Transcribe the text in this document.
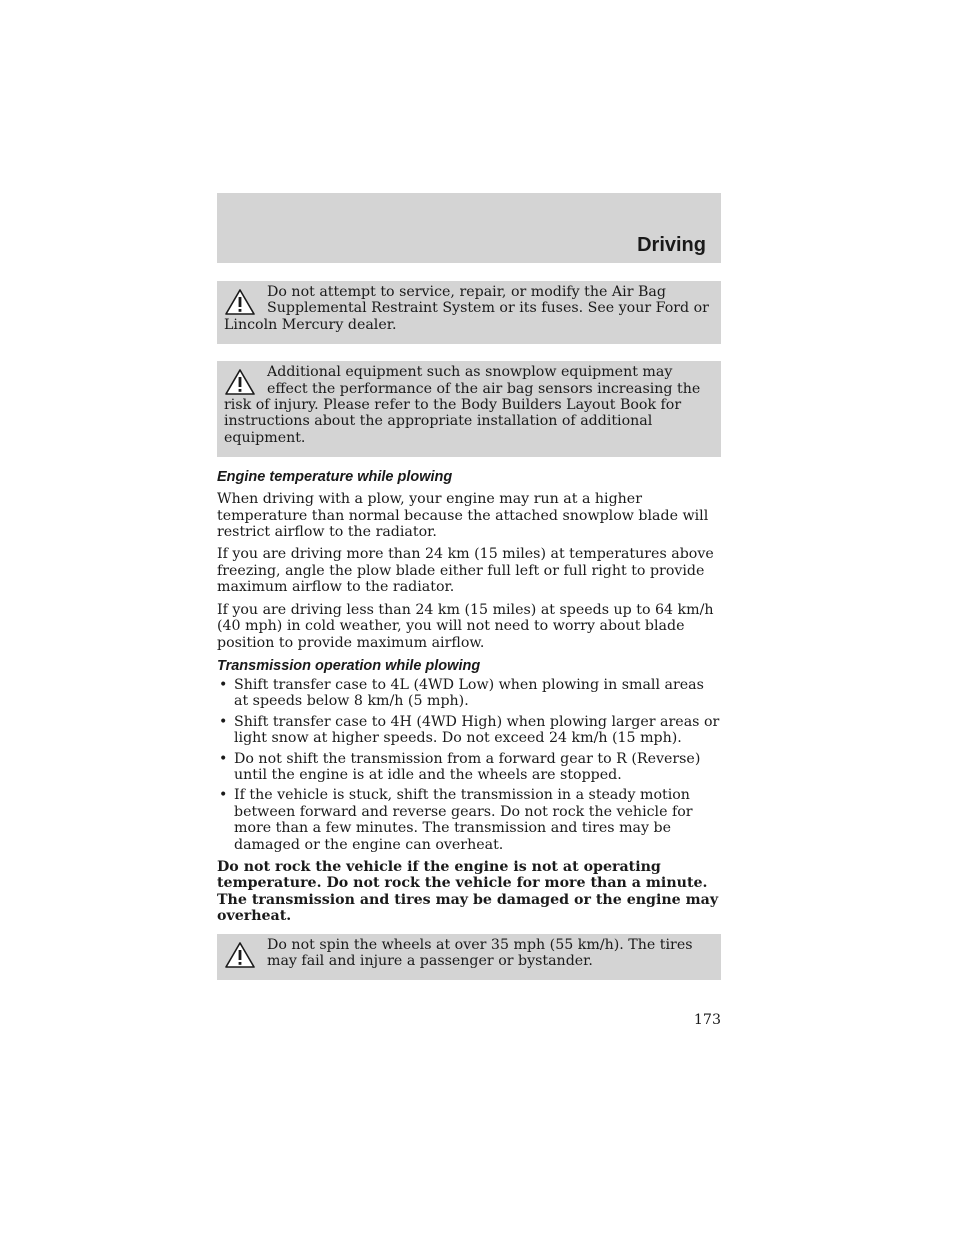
Driving

Do not attempt to service, repair, or modify the Air Bag Supplemental Restraint System or its fuses. See your Ford or Lincoln Mercury dealer.

Additional equipment such as snowplow equipment may effect the performance of the air bag sensors increasing the risk of injury. Please refer to the Body Builders Layout Book for instructions about the appropriate installation of additional equipment.

Engine temperature while plowing

When driving with a plow, your engine may run at a higher temperature than normal because the attached snowplow blade will restrict airflow to the radiator.

If you are driving more than 24 km (15 miles) at temperatures above freezing, angle the plow blade either full left or full right to provide maximum airflow to the radiator.

If you are driving less than 24 km (15 miles) at speeds up to 64 km/h (40 mph) in cold weather, you will not need to worry about blade position to provide maximum airflow.

Transmission operation while plowing
• Shift transfer case to 4L (4WD Low) when plowing in small areas at speeds below 8 km/h (5 mph).
• Shift transfer case to 4H (4WD High) when plowing larger areas or light snow at higher speeds. Do not exceed 24 km/h (15 mph).
• Do not shift the transmission from a forward gear to R (Reverse) until the engine is at idle and the wheels are stopped.
• If the vehicle is stuck, shift the transmission in a steady motion between forward and reverse gears. Do not rock the vehicle for more than a few minutes. The transmission and tires may be damaged or the engine can overheat.

Do not rock the vehicle if the engine is not at operating temperature. Do not rock the vehicle for more than a minute. The transmission and tires may be damaged or the engine may overheat.

Do not spin the wheels at over 35 mph (55 km/h). The tires may fail and injure a passenger or bystander.

173
